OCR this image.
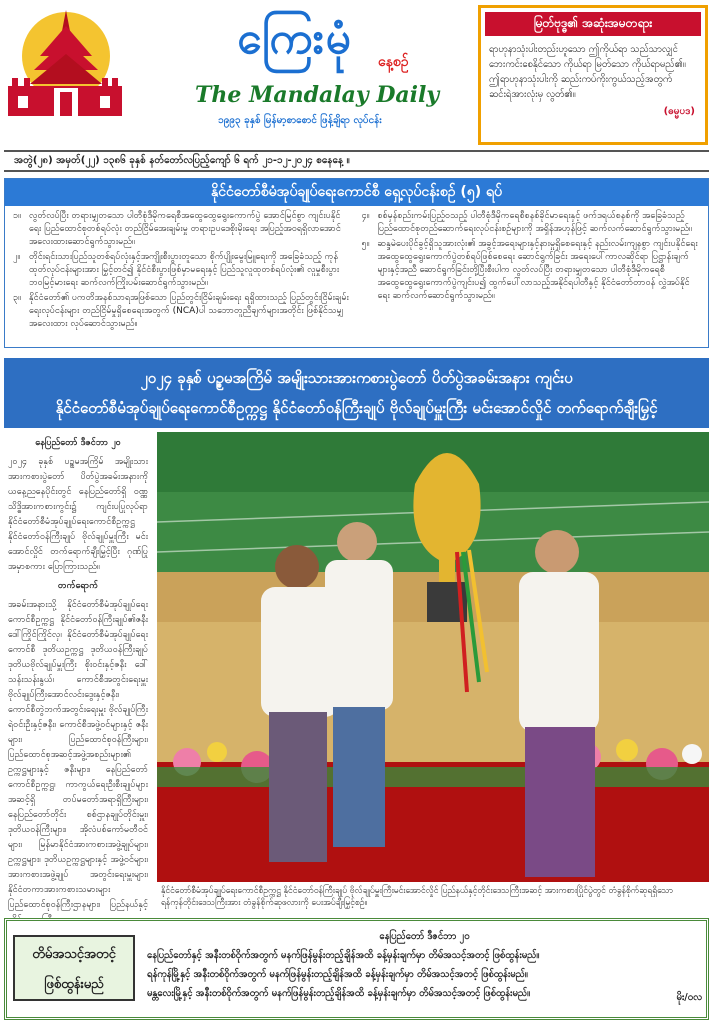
ကြေးမုံ	နေ့စဉ်
The Mandalay Daily
၁၉၉၃ ခုနှစ် မြန်မာ့စာစောင် ဖြန့်ချိရာ လုပ်ငန်း
မြတ်ဗုဒ္ဓ၏ အဆုံးအမတရား
ရာဟုနာသုံးပါးတည်းဟူသော ဤကိုယ်ရာ သည်သာလျှင် ဘေးကင်းစေနိုင်သော ကိုယ်ရာ မြတ်သော ကိုယ်ရာမည်၏။ ဤရာဟုနာသုံးပါးကို ဆည်းကပ်ကိုးကွယ်သည့်အတွက် ဆင်းရဲအားလုံးမှ လွတ်၏။
(ဓမ္မပဒ)
အတွဲ(၂၈) အမှတ်(၂၂) ၁၃၈၆ ခုနှစ် နတ်တော်လပြည့်ကျော် ၆ ရက် ၂၁-၁၂-၂၀၂၄ စနေနေ့ ။
နိုင်ငံတော်စီမံအုပ်ချုပ်ရေးကောင်စီ ရှေ့လုပ်ငန်းစဉ် (၅) ရပ်
၁။ လွတ်လပ်ပြီး တရားမျှတသော ပါတီစုံဒီမိုကရေစီအထွေထွေရွေးကောက်ပွဲ အောင်မြင်စွာ ကျင်းပနိုင်ရေး ပြည်ထောင်စုတစ်ရပ်လုံး တည်ငြိမ်အေးချမ်းမှု တရားဥပဒေစိုးမိုးရေး အပြည့်အဝရရှိလာအောင် အလေးထားဆောင်ရွက်သွားမည်။
၂။ တိုင်းရင်းသားပြည်သူတစ်ရပ်လုံးနှင့်အကျိုးစီးပွားတူသော စိုက်ပျိုးမွေးမြူရေးကို အခြေခံသည့် ကုန်ထုတ်လုပ်ငန်းများအား မြှင့်တင်၍ နိုင်ငံစီးပွားဖြစ်မှာမရေးနှင့် ပြည်သူလူထုတစ်ရပ်လုံး၏ လူမှုစီးပွားဘဝမြင့်မားရေး ဆက်လက်ကြိုးပမ်းဆောင်ရွက်သွားမည်။
၃။ နိုင်ငံတော်၏ ပကတိအနစ်သာရအဖြစ်သော ပြည်တွင်းငြိမ်းချမ်းရေး ရရှိထားသည့် ပြည်တွင်းငြိမ်းချမ်းရေးလုပ်ငန်းများ တည်ငြိမ်မှုရှိစေရေးအတွက် (NCA)ပါ သဘောတူညီချက်များအတိုင်း ဖြစ်နိုင်သမျှ အလေးထား လုပ်ဆောင်သွားမည်။
၄။ စစ်မှန်စည်းကမ်းပြည့်ဝသည့် ပါတီစုံဒီမိုကရေစီစနစ်ခိုင်မာရေးနှင့် ဖက်ဒရယ်စနစ်ကို အခြေခံသည့် ပြည်ထောင်စုတည်ဆောက်ရေးလုပ်ငန်းစဉ်များကို အရှိန်အဟုန်ဖြင့် ဆက်လက်ဆောင်ရွက်သွားမည်။
၅။ ဆန္ဒမဲပေးပိုင်ခွင့်ရှိသူအားလုံး၏ အခွင့်အရေးများနှင့်နားမှုရှိစေရေးနှင့် နည်းလမ်းကျနစွာ ကျင်းပနိုင်ရေး အထွေထွေရွေးကောက်ပွဲတစ်ရပ်ဖြစ်စေရေး ဆောင်ရွက်ခြင်း အရေးပေါ်ကာလဆိုင်ရာ ပြဋ္ဌာန်းချက်များနှင့်အညီ ဆောင်ရွက်ခြင်းတို့ပြီးစီးပါက လွတ်လပ်ပြီး တရားမျှတသော ပါတီစုံဒီမိုကရေစီ အထွေထွေရွေးကောက်ပွဲကျင်းပ၍ ထွက်ပေါ်လာသည့်အနိုင်ရပါတီနှင့် နိုင်ငံတော်တာဝန် လွှဲအပ်နိုင်ရေး ဆက်လက်ဆောင်ရွက်သွားမည်။
၂၀၂၄ ခုနှစ် ပဉ္စမအကြိမ် အမျိုးသားအားကစားပွဲတော် ပိတ်ပွဲအခမ်းအနား ကျင်းပ
နိုင်ငံတော်စီမံအုပ်ချုပ်ရေးကောင်စီဥက္ကဋ္ဌ နိုင်ငံတော်ဝန်ကြီးချုပ် ဗိုလ်ချုပ်မှူးကြီး မင်းအောင်လှိုင် တက်ရောက်ချီးမြှင့်

နေပြည်တော် ဒီဇင်ဘာ ၂၀

၂၀၂၄ ခုနှစ် ပဉ္စမအကြိမ် အမျိုးသားအားကစားပွဲတော် ပိတ်ပွဲအခမ်းအနားကို ယနေ့ညနေပိုင်းတွင် နေပြည်တော်ရှိ ဝဏ္ဏသိဒ္ဓိအားကစားကွင်း၌ ကျင်းပပြုလုပ်ရာ နိုင်ငံတော်စီမံအုပ်ချုပ်ရေးကောင်စီဥက္ကဋ္ဌ နိုင်ငံတော်ဝန်ကြီးချုပ် ဗိုလ်ချုပ်မှူးကြီး မင်းအောင်လှိုင် တက်ရောက်ချီးမြှင့်ပြီး ဂုဏ်ပြုအမှာစကား ပြောကြားသည်။

တက်ရောက်

အခမ်းအနားသို့ နိုင်ငံတော်စီမံအုပ်ချုပ်ရေးကောင်စီဥက္ကဋ္ဌ နိုင်ငံတော်ဝန်ကြီးချုပ်၏ဇနီး ဒေါ်ကြိုင်ကြိုင်လှ၊ နိုင်ငံတော်စီမံအုပ်ချုပ်ရေးကောင်စီ ဒုတိယဥက္ကဋ္ဌ ဒုတိယဝန်ကြီးချုပ် ဒုတိယဗိုလ်ချုပ်မှူးကြီး စိုးဝင်းနှင့်ဇနီး ဒေါ်သန်းသန်းနွယ်၊ ကောင်စီအတွင်းရေးမှူး ဗိုလ်ချုပ်ကြီးအောင်လင်းဒွေးနှင့်ဇနီး၊ ကောင်စီတွဲဘက်အတွင်းရေးမှူး ဗိုလ်ချုပ်ကြီး ရဲဝင်းဦးနှင့်ဇနီး၊ ကောင်စီအဖွဲ့ဝင်များနှင့် ဇနီးများ၊ ပြည်ထောင်စုဝန်ကြီးများ၊ ပြည်ထောင်စုအဆင့်အဖွဲ့အစည်းများ၏ ဥက္ကဋ္ဌများနှင့် ဇနီးများ၊ နေပြည်တော်ကောင်စီဥက္ကဋ္ဌ၊ ကာကွယ်ရေးဦးစီးချုပ်များအဆင့်ရှိ တပ်မတော်အရာရှိကြီးများ၊ နေပြည်တော်တိုင်း စစ်ဌာနချုပ်တိုင်းမှူး၊ ဒုတိယဝန်ကြီးများ၊ အိုလံပစ်ကော်မတီဝင်များ၊ မြန်မာနိုင်ငံအားကစားအဖွဲ့ချုပ်များ၊ ဥက္ကဋ္ဌများ၊ ဒုတိယဥက္ကဋ္ဌများနှင့် အဖွဲ့ဝင်များ၊ အားကစားအဖွဲ့ချုပ် အတွင်းရေးမှူးများ၊ နိုင်ငံတကာအားကစားသမားများ ပြည်ထောင်စုဝန်ကြီးဌာနများ၊ ပြည်နယ်နှင့်

နိုင်ငံတော်စီမံအုပ်ချုပ်ရေးကောင်စီဥက္ကဋ္ဌ နိုင်ငံတော်ဝန်ကြီးချုပ် ဗိုလ်ချုပ်မှူးကြီးမင်းအောင်လှိုင် ပြည်နယ်နှင့်တိုင်းဒေသကြီးအဆင့် အားကစားပြိုင်ပွဲတွင် တံခွန်စိုက်ဆုရရှိသော ရန်ကုန်တိုင်းဒေသကြီးအား တံခွန်စိုက်ဆုဖလားကို ပေးအပ်ချီးမြှင့်စဉ်။
တိမ်အသင့်အတင့်
ဖြစ်ထွန်းမည်
နေပြည်တော် ဒီဇင်ဘာ ၂၀
နေပြည်တော်နှင့် အနီးတစ်ဝိုက်အတွက် မနက်ဖြန်မွန်းတည့်ချိန်အထိ ခန့်မှန်းချက်မှာ တိမ်အသင့်အတင့် ဖြစ်ထွန်းမည်။
ရန်ကုန်မြို့နှင့် အနီးတစ်ဝိုက်အတွက် မနက်ဖြန်မွန်းတည့်ချိန်အထိ ခန့်မှန်းချက်မှာ တိမ်အသင့်အတင့် ဖြစ်ထွန်းမည်။
မန္တလေးမြို့နှင့် အနီးတစ်ဝိုက်အတွက် မနက်ဖြန်မွန်းတည့်ချိန်အထိ ခန့်မှန်းချက်မှာ တိမ်အသင့်အတင့် ဖြစ်ထွန်းမည်။	မိုး/၀လ
